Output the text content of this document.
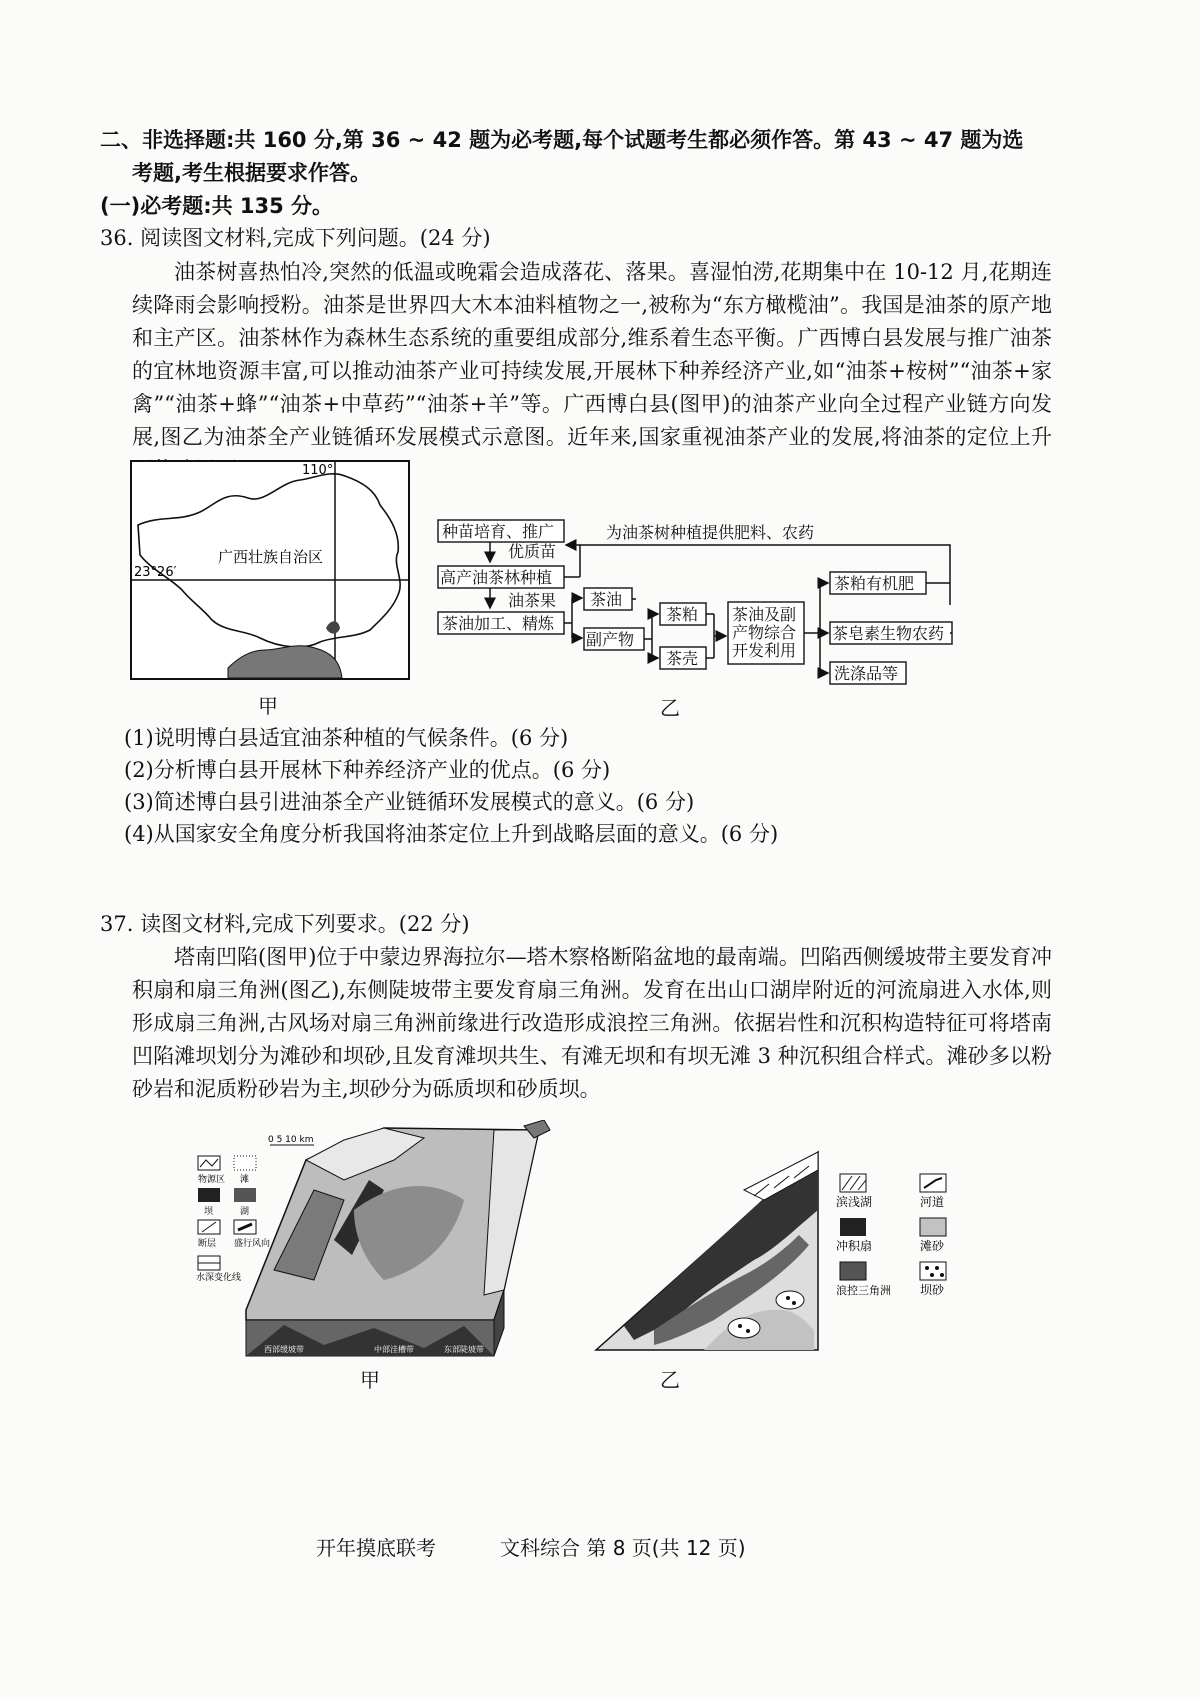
二、非选择题:共 160 分,第 36 ~ 42 题为必考题,每个试题考生都必须作答。第 43 ~ 47 题为选
考题,考生根据要求作答。
(一)必考题:共 135 分。
36. 阅读图文材料,完成下列问题。(24 分)
油茶树喜热怕冷,突然的低温或晚霜会造成落花、落果。喜湿怕涝,花期集中在 10-12 月,花期连续降雨会影响授粉。油茶是世界四大木本油料植物之一,被称为“东方橄榄油”。我国是油茶的原产地和主产区。油茶林作为森林生态系统的重要组成部分,维系着生态平衡。广西博白县发展与推广油茶的宜林地资源丰富,可以推动油茶产业可持续发展,开展林下种养经济产业,如“油茶+桉树”“油茶+家禽”“油茶+蜂”“油茶+中草药”“油茶+羊”等。广西博白县(图甲)的油茶产业向全过程产业链方向发展,图乙为油茶全产业链循环发展模式示意图。近年来,国家重视油茶产业的发展,将油茶的定位上升
110°
23°26′
广西壮族自治区
甲
种苗培育、推广
优质苗
高产油茶林种植
油茶果
茶油加工、精炼
为油茶树种植提供肥料、农药
茶油
副产物
茶粕
茶壳
茶油及副
产物综合
开发利用
茶粕有机肥
茶皂素生物农药
洗涤品等
乙
(1)说明博白县适宜油茶种植的气候条件。(6 分)
(2)分析博白县开展林下种养经济产业的优点。(6 分)
(3)简述博白县引进油茶全产业链循环发展模式的意义。(6 分)
(4)从国家安全角度分析我国将油茶定位上升到战略层面的意义。(6 分)
37. 读图文材料,完成下列要求。(22 分)
塔南凹陷(图甲)位于中蒙边界海拉尔—塔木察格断陷盆地的最南端。凹陷西侧缓坡带主要发育冲积扇和扇三角洲(图乙),东侧陡坡带主要发育扇三角洲。发育在出山口湖岸附近的河流扇进入水体,则形成扇三角洲,古风场对扇三角洲前缘进行改造形成浪控三角洲。依据岩性和沉积构造特征可将塔南凹陷滩坝划分为滩砂和坝砂,且发育滩坝共生、有滩无坝和有坝无滩 3 种沉积组合样式。滩砂多以粉砂岩和泥质粉砂岩为主,坝砂分为砾质坝和砂质坝。
0 5 10 km
物源区 滩
坝	湖
断层 盛行风向
水深变化线
西部缓坡带	中部洼槽带	东部陡坡带
甲	乙
滨浅湖	河道
冲积扇	滩砂
浪控三角洲 坝砂
开年摸底联考	文科综合 第 8 页(共 12 页)
